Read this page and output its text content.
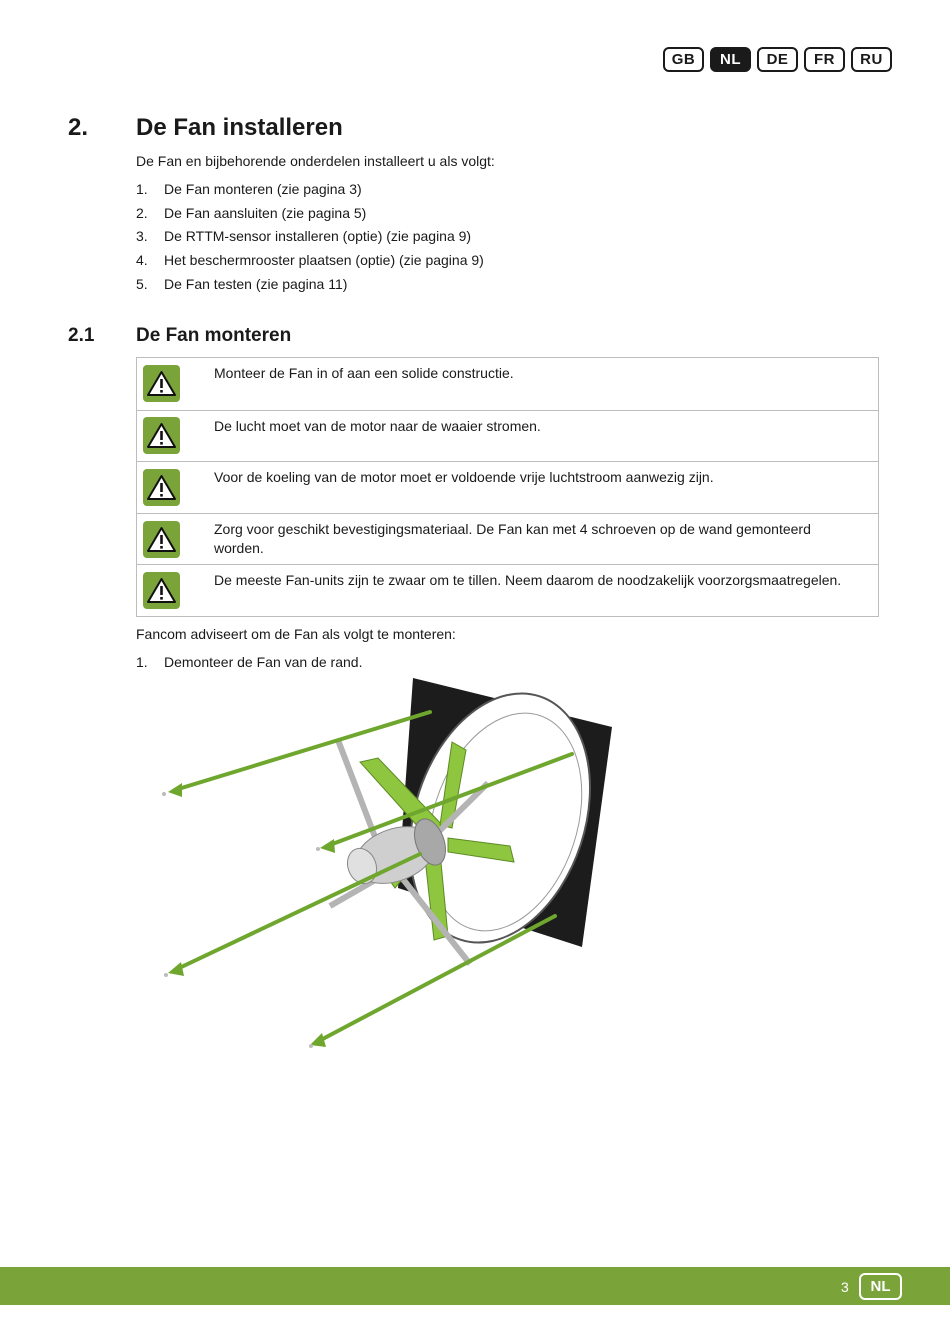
GB	NL	DE	FR	RU
2. De Fan installeren
De Fan en bijbehorende onderdelen installeert u als volgt:
1.	De Fan monteren (zie pagina 3)
2.	De Fan aansluiten (zie pagina 5)
3.	De RTTM-sensor installeren (optie) (zie pagina 9)
4.	Het beschermrooster plaatsen (optie) (zie pagina 9)
5.	De Fan testen (zie pagina 11)
2.1 De Fan monteren
Monteer de Fan in of aan een solide constructie.
De lucht moet van de motor naar de waaier stromen.
Voor de koeling van de motor moet er voldoende vrije luchtstroom aanwezig zijn.
Zorg voor geschikt bevestigingsmateriaal. De Fan kan met 4 schroeven op de wand gemonteerd worden.
De meeste Fan-units zijn te zwaar om te tillen. Neem daarom de noodzakelijk voorzorgsmaatregelen.
Fancom adviseert om de Fan als volgt te monteren:
1.	Demonteer de Fan van de rand.
3	NL
